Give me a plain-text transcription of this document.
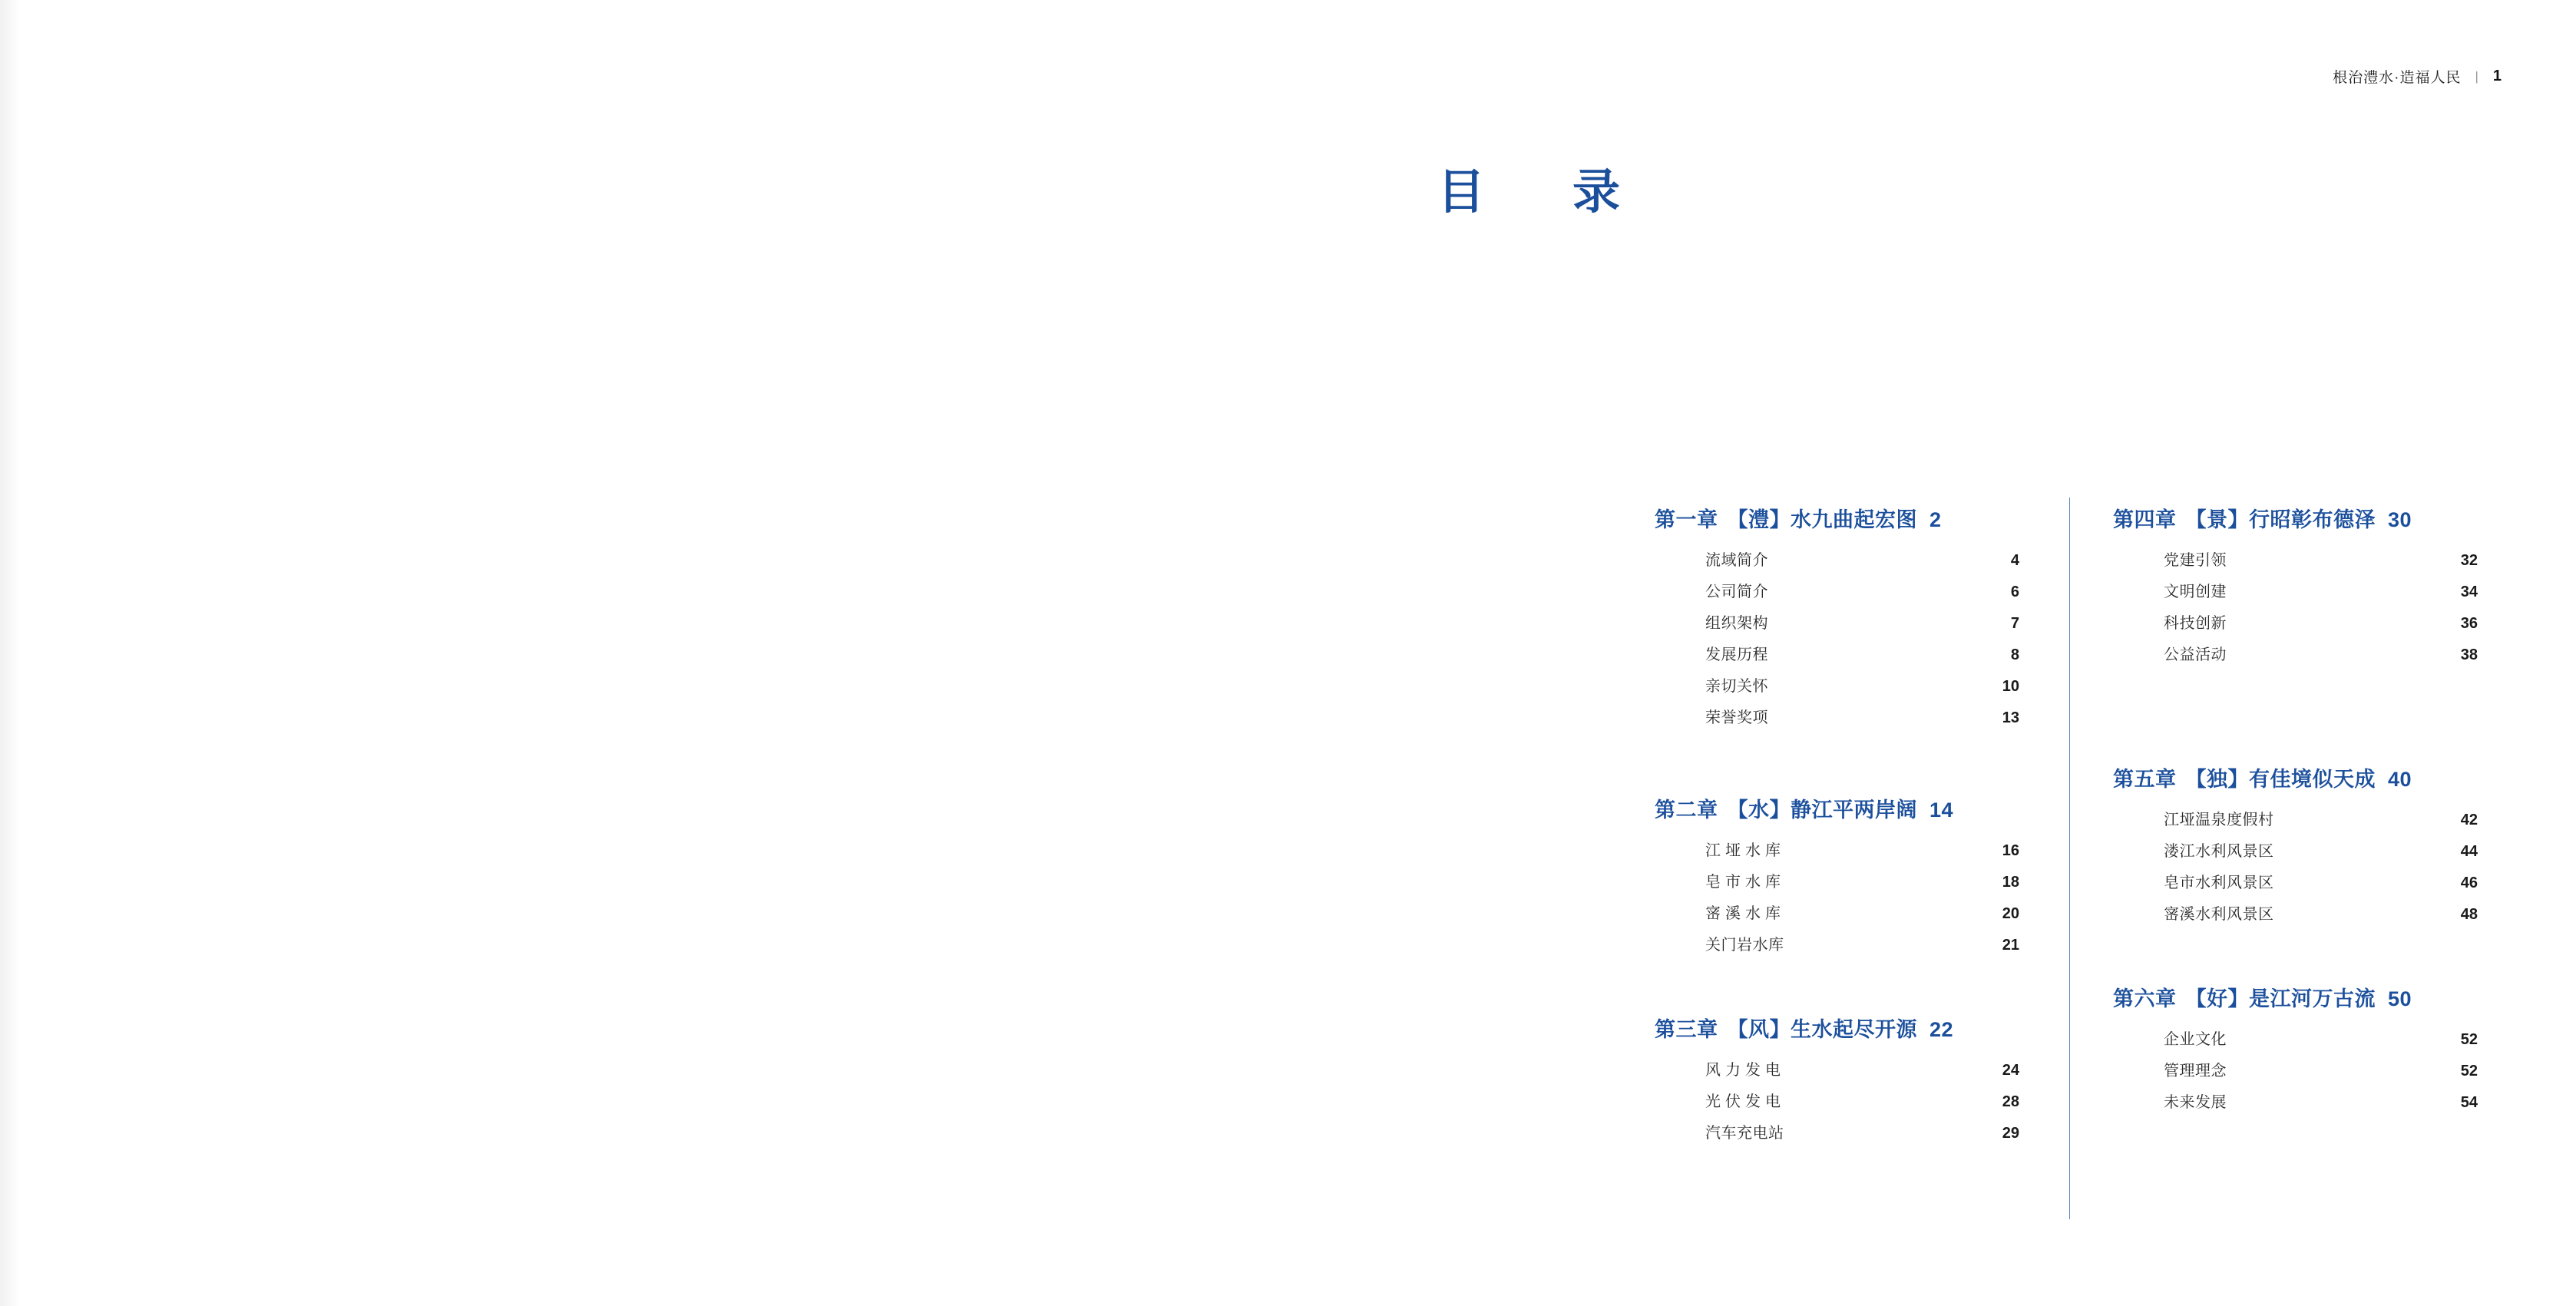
根治澧水·造福人民 | 1
目　录
第一章 【澧】水九曲起宏图 2
流域简介	4
公司简介	6
组织架构	7
发展历程	8
亲切关怀	10
荣誉奖项	13
第二章 【水】静江平两岸阔 14
江垭水库	16
皂市水库	18
宻溪水库	20
关门岩水库	21
第三章 【风】生水起尽开源 22
风力发电	24
光伏发电	28
汽车充电站	29
第四章 【景】行昭彰布德泽 30
党建引领	32
文明创建	34
科技创新	36
公益活动	38
第五章 【独】有佳境似天成 40
江垭温泉度假村	42
溇江水利风景区	44
皂市水利风景区	46
宻溪水利风景区	48
第六章 【好】是江河万古流 50
企业文化	52
管理理念	52
未来发展	54
